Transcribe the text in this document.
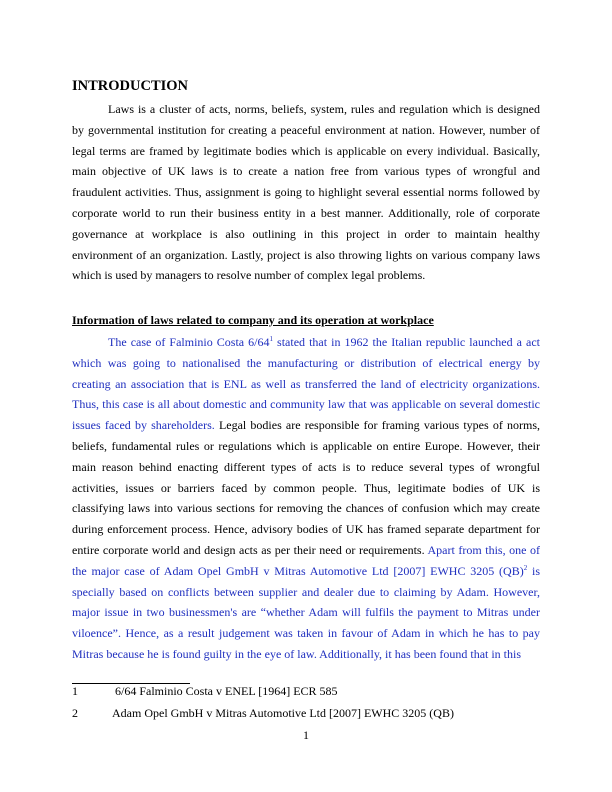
INTRODUCTION

Laws is a cluster of acts, norms, beliefs, system, rules and regulation which is designed by governmental institution for creating a peaceful environment at nation. However, number of legal terms are framed by legitimate bodies which is applicable on every individual. Basically, main objective of UK laws is to create a nation free from various types of wrongful and fraudulent activities. Thus, assignment is going to highlight several essential norms followed by corporate world to run their business entity in a best manner. Additionally, role of corporate governance at workplace is also outlining in this project in order to maintain healthy environment of an organization. Lastly, project is also throwing lights on various company laws which is used by managers to resolve number of complex legal problems.

Information of laws related to company and its operation at workplace

The case of Falminio Costa $6/64^1$ stated that in 1962 the Italian republic launched a act which was going to nationalised the manufacturing or distribution of electrical energy by creating an association that is ENL as well as transferred the land of electricity organizations. Thus, this case is all about domestic and community law that was applicable on several domestic issues faced by shareholders. Legal bodies are responsible for framing various types of norms, beliefs, fundamental rules or regulations which is applicable on entire Europe. However, their main reason behind enacting different types of acts is to reduce several types of wrongful activities, issues or barriers faced by common people. Thus, legitimate bodies of UK is classifying laws into various sections for removing the chances of confusion which may create during enforcement process. Hence, advisory bodies of UK has framed separate department for entire corporate world and design acts as per their need or requirements. Apart from this, one of the major case of Adam Opel GmbH v Mitras Automotive Ltd [2007] EWHC 3205 (QB)$^2$ is specially based on conflicts between supplier and dealer due to claiming by Adam. However, major issue in two businessmen's are “whether Adam will fulfils the payment to Mitras under viloence”. Hence, as a result judgement was taken in favour of Adam in which he has to pay Mitras because he is found guilty in the eye of law. Additionally, it has been found that in this

1	6/64 Falminio Costa v ENEL [1964] ECR 585
2	Adam Opel GmbH v Mitras Automotive Ltd [2007] EWHC 3205 (QB)
1
